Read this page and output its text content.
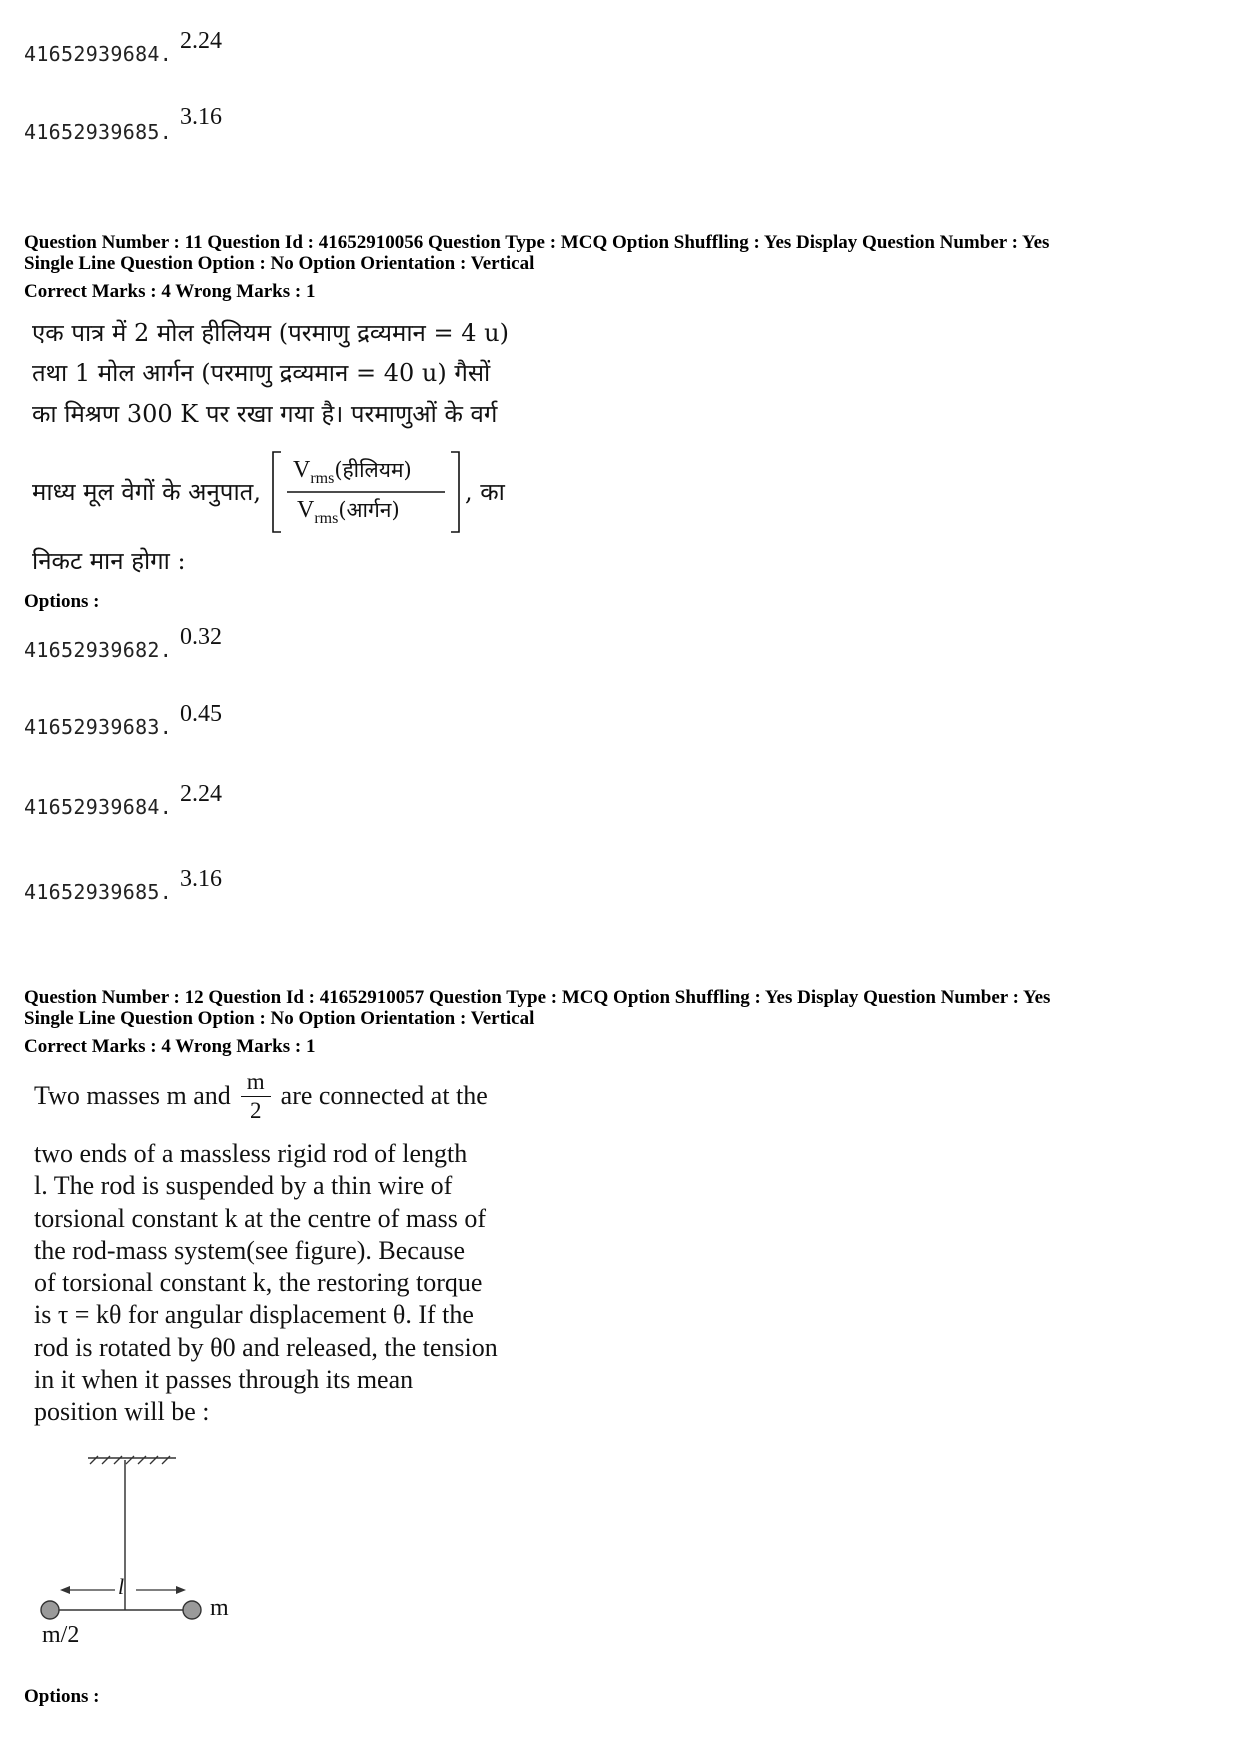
41652939684. 2.24
41652939685.
3.16
Question Number : 11 Question Id : 41652910056 Question Type : MCQ Option Shuffling : Yes Display Question Number : Yes
Single Line Question Option : No Option Orientation : Vertical
Correct Marks : 4 Wrong Marks : 1
एक पात्र में 2 मोल हीलियम (परमाणु द्रव्यमान = 4 u)
तथा 1 मोल आर्गन (परमाणु द्रव्यमान = 40 u) गैसों
का मिश्रण 300 K पर रखा गया है। परमाणुओं के वर्ग
माध्य मूल वेगों के अनुपात,
$V_{rms}(हीलियम)$
$V_{rms}(आर्गन)$
, का
निकट मान होगा :
Options :
41652939682. 0.32
41652939683. 0.45
41652939684. 2.24
41652939685. 3.16
Question Number : 12 Question Id : 41652910057 Question Type : MCQ Option Shuffling : Yes Display Question Number : Yes
Single Line Question Option : No Option Orientation : Vertical
Correct Marks : 4 Wrong Marks : 1
Two masses m and $\frac{m}{2}$ are connected at the
two ends of a massless rigid rod of length
l. The rod is suspended by a thin wire of
torsional constant k at the centre of mass of
the rod-mass system(see figure). Because
of torsional constant k, the restoring torque
is τ = kθ for angular displacement θ. If the
rod is rotated by θ0 and released, the tension
in it when it passes through its mean
position will be :
l
m
m/2
Options :
